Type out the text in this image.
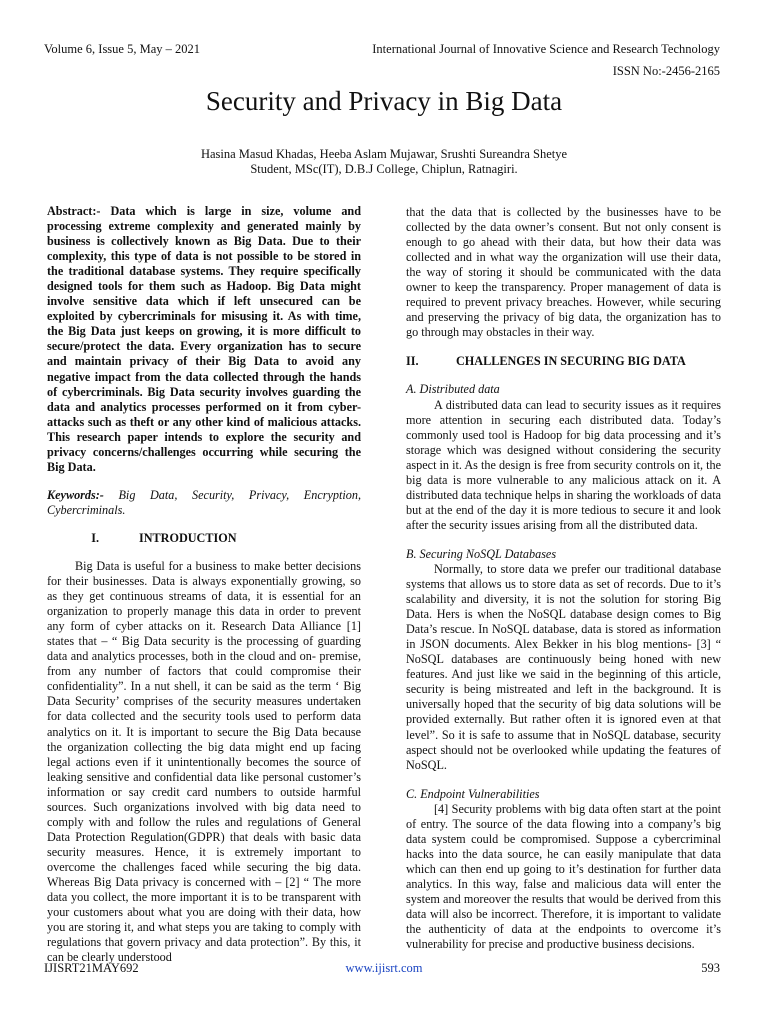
Volume 6, Issue 5, May – 2021	International Journal of Innovative Science and Research Technology
ISSN No:-2456-2165
Security and Privacy in Big Data
Hasina Masud Khadas, Heeba Aslam Mujawar, Srushti Sureandra Shetye
Student, MSc(IT), D.B.J College, Chiplun, Ratnagiri.

Abstract:- Data which is large in size, volume and processing extreme complexity and generated mainly by business is collectively known as Big Data. Due to their complexity, this type of data is not possible to be stored in the traditional database systems. They require specifically designed tools for them such as Hadoop. Big Data might involve sensitive data which if left unsecured can be exploited by cybercriminals for misusing it. As with time, the Big Data just keeps on growing, it is more difficult to secure/protect the data. Every organization has to secure and maintain privacy of their Big Data to avoid any negative impact from the data collected through the hands of cybercriminals. Big Data security involves guarding the data and analytics processes performed on it from cyber-attacks such as theft or any other kind of malicious attacks. This research paper intends to explore the security and privacy concerns/challenges occurring while securing the Big Data.

Keywords:- Big Data, Security, Privacy, Encryption, Cybercriminals.

I.	INTRODUCTION

Big Data is useful for a business to make better decisions for their businesses. Data is always exponentially growing, so as they get continuous streams of data, it is essential for an organization to properly manage this data in order to prevent any form of cyber attacks on it. Research Data Alliance [1] states that – “ Big Data security is the processing of guarding data and analytics processes, both in the cloud and on- premise, from any number of factors that could compromise their confidentiality”. In a nut shell, it can be said as the term ‘ Big Data Security’ comprises of the security measures undertaken for data collected and the security tools used to perform data analytics on it. It is important to secure the Big Data because the organization collecting the big data might end up facing legal actions even if it unintentionally becomes the source of leaking sensitive and confidential data like personal customer’s information or say credit card numbers to outside harmful sources. Such organizations involved with big data need to comply with and follow the rules and regulations of General Data Protection Regulation(GDPR) that deals with basic data security measures. Hence, it is extremely important to overcome the challenges faced while securing the big data. Whereas Big Data privacy is concerned with – [2] “ The more data you collect, the more important it is to be transparent with your customers about what you are doing with their data, how you are storing it, and what steps you are taking to comply with regulations that govern privacy and data protection”. By this, it can be clearly understood

that the data that is collected by the businesses have to be collected by the data owner’s consent. But not only consent is enough to go ahead with their data, but how their data was collected and in what way the organization will use their data, the way of storing it should be communicated with the data owner to keep the transparency. Proper management of data is required to prevent privacy breaches. However, while securing and preserving the privacy of big data, the organization has to go through may obstacles in their way.

II.	CHALLENGES IN SECURING BIG DATA

A. Distributed data

A distributed data can lead to security issues as it requires more attention in securing each distributed data. Today’s commonly used tool is Hadoop for big data processing and it’s storage which was designed without considering the security aspect in it. As the design is free from security controls on it, the big data is more vulnerable to any malicious attack on it. A distributed data technique helps in sharing the workloads of data but at the end of the day it is more tedious to secure it and look after the security issues arising from all the distributed data.

B. Securing NoSQL Databases

Normally, to store data we prefer our traditional database systems that allows us to store data as set of records. Due to it’s scalability and diversity, it is not the solution for storing Big Data. Hers is when the NoSQL database design comes to Big Data’s rescue. In NoSQL database, data is stored as information in JSON documents. Alex Bekker in his blog mentions- [3] “ NoSQL databases are continuously being honed with new features. And just like we said in the beginning of this article, security is being mistreated and left in the background. It is universally hoped that the security of big data solutions will be provided externally. But rather often it is ignored even at that level”. So it is safe to assume that in NoSQL database, security aspect should not be overlooked while updating the features of NoSQL.

C. Endpoint Vulnerabilities

[4] Security problems with big data often start at the point of entry. The source of the data flowing into a company’s big data system could be compromised. Suppose a cybercriminal hacks into the data source, he can easily manipulate that data which can then end up going to it’s destination for further data analytics. In this way, false and malicious data will enter the system and moreover the results that would be derived from this data will also be incorrect. Therefore, it is important to validate the authenticity of data at the endpoints to overcome it’s vulnerability for precise and productive business decisions.

IJISRT21MAY692	www.ijisrt.com	593
